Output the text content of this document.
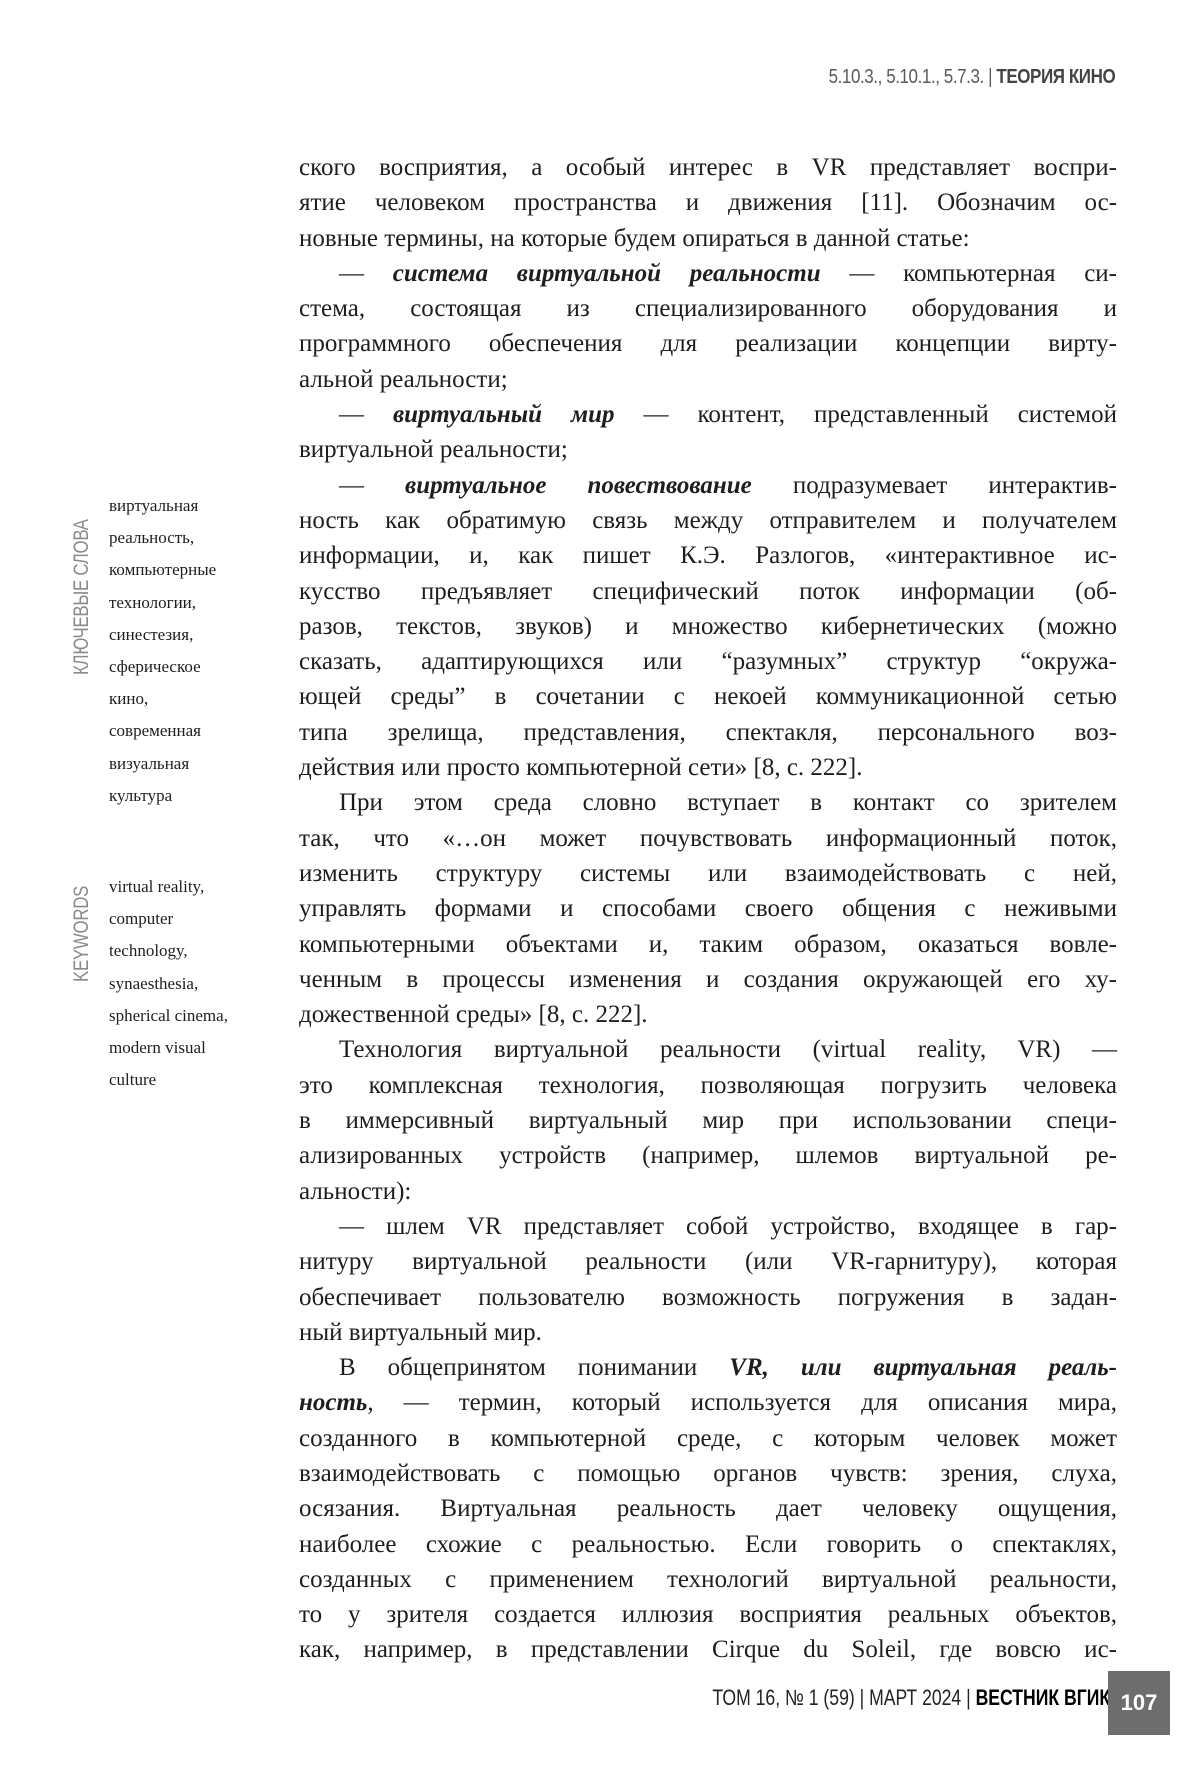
5.10.3., 5.10.1., 5.7.3. | ТЕОРИЯ КИНО
КЛЮЧЕВЫЕ СЛОВА
виртуальная
реальность,
компьютерные
технологии,
синестезия,
сферическое
кино,
современная
визуальная
культура
KEYWORDS virtual reality,
computer
technology,
synaesthesia,
spherical cinema,
modern visual
culture
ского восприятия, а особый интерес в VR представляет воспри-
ятие человеком пространства и движения [11]. Обозначим ос-
новные термины, на которые будем опираться в данной статье:
— система виртуальной реальности — компьютерная си-
стема, состоящая из специализированного оборудования и
программного обеспечения для реализации концепции вирту-
альной реальности;
— виртуальный мир — контент, представленный системой
виртуальной реальности;
— виртуальное повествование подразумевает интерактив-
ность как обратимую связь между отправителем и получателем
информации, и, как пишет К.Э. Разлогов, «интерактивное ис-
кусство предъявляет специфический поток информации (об-
разов, текстов, звуков) и множество кибернетических (можно
сказать, адаптирующихся или “разумных” структур “окружа-
ющей среды” в сочетании с некоей коммуникационной сетью
типа зрелища, представления, спектакля, персонального воз-
действия или просто компьютерной сети» [8, с. 222].
При этом среда словно вступает в контакт со зрителем
так, что «…он может почувствовать информационный поток,
изменить структуру системы или взаимодействовать с ней,
управлять формами и способами своего общения с неживыми
компьютерными объектами и, таким образом, оказаться вовле-
ченным в процессы изменения и создания окружающей его ху-
дожественной среды» [8, с. 222].
Технология виртуальной реальности (virtual reality, VR) —
это комплексная технология, позволяющая погрузить человека
в иммерсивный виртуальный мир при использовании специ-
ализированных устройств (например, шлемов виртуальной ре-
альности):
— шлем VR представляет собой устройство, входящее в гар-
нитуру виртуальной реальности (или VR-гарнитуру), которая
обеспечивает пользователю возможность погружения в задан-
ный виртуальный мир.
В общепринятом понимании VR, или виртуальная реаль-
ность, — термин, который используется для описания мира,
созданного в компьютерной среде, с которым человек может
взаимодействовать с помощью органов чувств: зрения, слуха,
осязания. Виртуальная реальность дает человеку ощущения,
наиболее схожие с реальностью. Если говорить о спектаклях,
созданных с применением технологий виртуальной реальности,
то у зрителя создается иллюзия восприятия реальных объектов,
как, например, в представлении Cirque du Soleil, где вовсю ис-
ТОМ 16, № 1 (59) | МАРТ 2024 | ВЕСТНИК ВГИК 107
